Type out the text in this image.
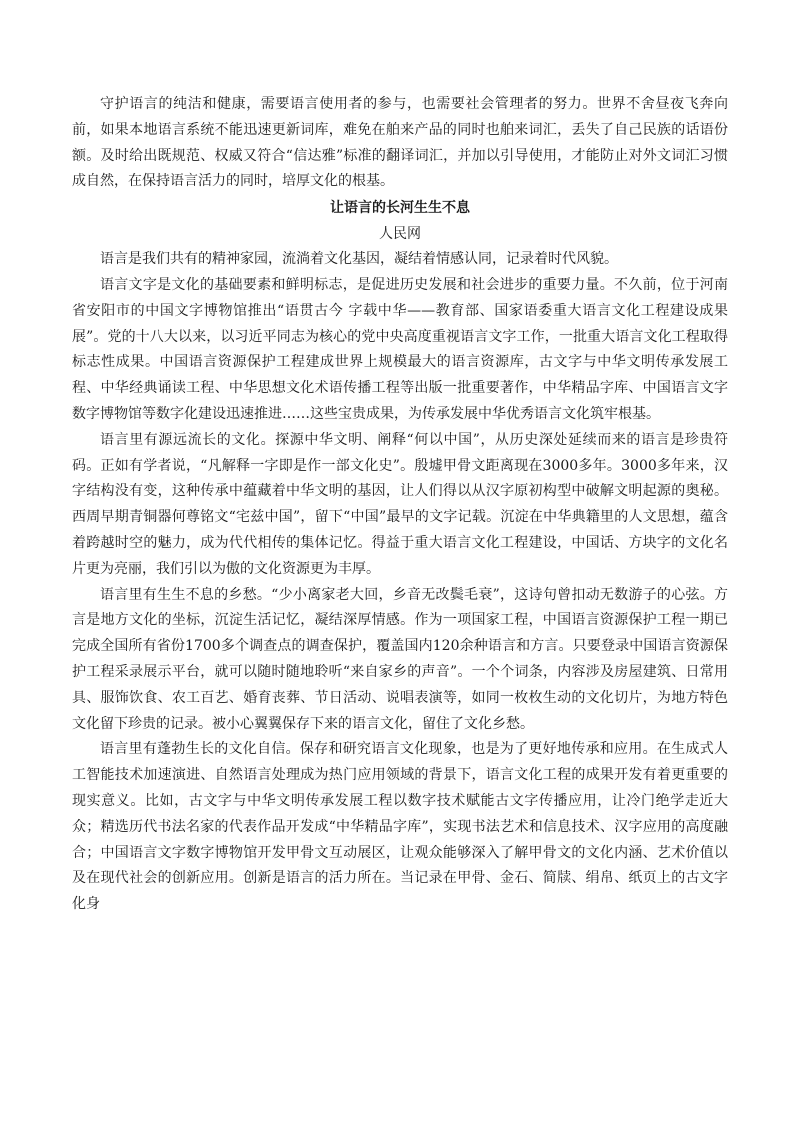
守护语言的纯洁和健康，需要语言使用者的参与，也需要社会管理者的努力。世界不舍昼夜飞奔向前，如果本地语言系统不能迅速更新词库，难免在舶来产品的同时也舶来词汇，丢失了自己民族的话语份额。及时给出既规范、权威又符合“信达雅”标准的翻译词汇，并加以引导使用，才能防止对外文词汇习惯成自然，在保持语言活力的同时，培厚文化的根基。

让语言的长河生生不息

人民网

语言是我们共有的精神家园，流淌着文化基因，凝结着情感认同，记录着时代风貌。

语言文字是文化的基础要素和鲜明标志，是促进历史发展和社会进步的重要力量。不久前，位于河南省安阳市的中国文字博物馆推出“语贯古今 字载中华——教育部、国家语委重大语言文化工程建设成果展”。党的十八大以来，以习近平同志为核心的党中央高度重视语言文字工作，一批重大语言文化工程取得标志性成果。中国语言资源保护工程建成世界上规模最大的语言资源库，古文字与中华文明传承发展工程、中华经典诵读工程、中华思想文化术语传播工程等出版一批重要著作，中华精品字库、中国语言文字数字博物馆等数字化建设迅速推进……这些宝贵成果，为传承发展中华优秀语言文化筑牢根基。

语言里有源远流长的文化。探源中华文明、阐释“何以中国”，从历史深处延续而来的语言是珍贵符码。正如有学者说，“凡解释一字即是作一部文化史”。殷墟甲骨文距离现在3000多年。3000多年来，汉字结构没有变，这种传承中蕴藏着中华文明的基因，让人们得以从汉字原初构型中破解文明起源的奥秘。西周早期青铜器何尊铭文“宅兹中国”，留下“中国”最早的文字记载。沉淀在中华典籍里的人文思想，蕴含着跨越时空的魅力，成为代代相传的集体记忆。得益于重大语言文化工程建设，中国话、方块字的文化名片更为亮丽，我们引以为傲的文化资源更为丰厚。

语言里有生生不息的乡愁。“少小离家老大回，乡音无改鬓毛衰”，这诗句曾扣动无数游子的心弦。方言是地方文化的坐标，沉淀生活记忆，凝结深厚情感。作为一项国家工程，中国语言资源保护工程一期已完成全国所有省份1700多个调查点的调查保护，覆盖国内120余种语言和方言。只要登录中国语言资源保护工程采录展示平台，就可以随时随地聆听“来自家乡的声音”。一个个词条，内容涉及房屋建筑、日常用具、服饰饮食、农工百艺、婚育丧葬、节日活动、说唱表演等，如同一枚枚生动的文化切片，为地方特色文化留下珍贵的记录。被小心翼翼保存下来的语言文化，留住了文化乡愁。

语言里有蓬勃生长的文化自信。保存和研究语言文化现象，也是为了更好地传承和应用。在生成式人工智能技术加速演进、自然语言处理成为热门应用领域的背景下，语言文化工程的成果开发有着更重要的现实意义。比如，古文字与中华文明传承发展工程以数字技术赋能古文字传播应用，让冷门绝学走近大众；精选历代书法名家的代表作品开发成“中华精品字库”，实现书法艺术和信息技术、汉字应用的高度融合；中国语言文字数字博物馆开发甲骨文互动展区，让观众能够深入了解甲骨文的文化内涵、艺术价值以及在现代社会的创新应用。创新是语言的活力所在。当记录在甲骨、金石、简牍、绢帛、纸页上的古文字化身
